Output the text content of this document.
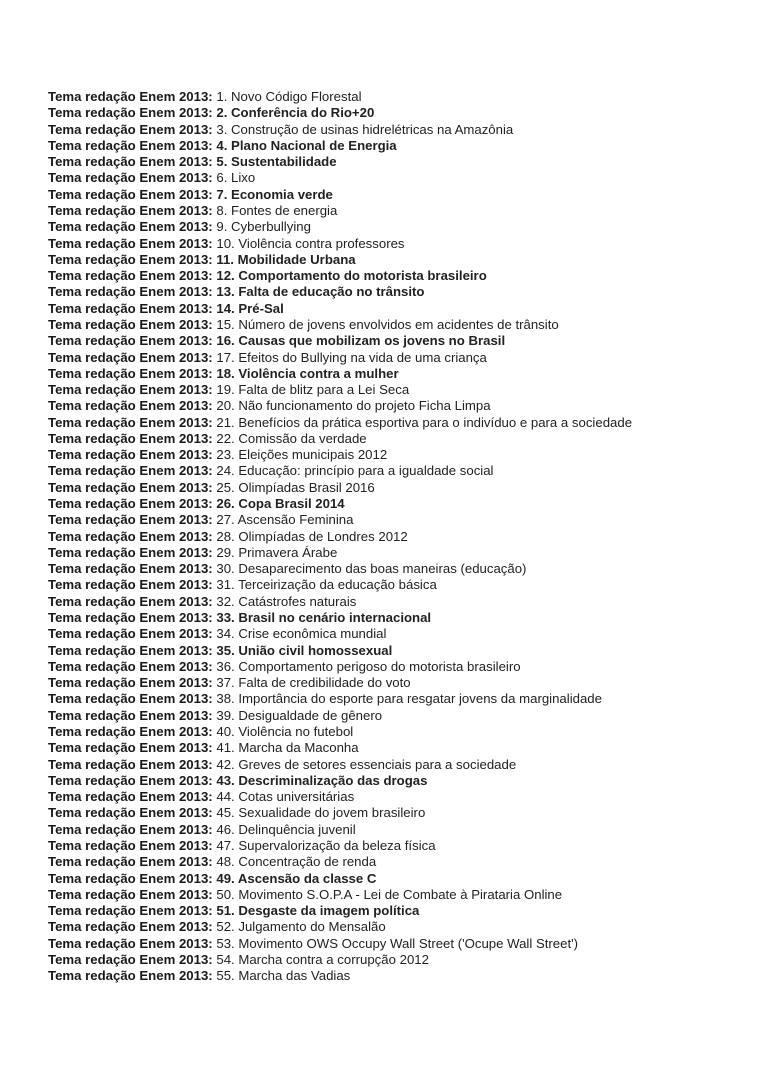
Tema redação Enem 2013: 1. Novo Código Florestal
Tema redação Enem 2013: 2. Conferência do Rio+20
Tema redação Enem 2013: 3. Construção de usinas hidrelétricas na Amazônia
Tema redação Enem 2013: 4. Plano Nacional de Energia
Tema redação Enem 2013: 5. Sustentabilidade
Tema redação Enem 2013: 6. Lixo
Tema redação Enem 2013: 7. Economia verde
Tema redação Enem 2013: 8. Fontes de energia
Tema redação Enem 2013: 9. Cyberbullying
Tema redação Enem 2013: 10. Violência contra professores
Tema redação Enem 2013: 11. Mobilidade Urbana
Tema redação Enem 2013: 12. Comportamento do motorista brasileiro
Tema redação Enem 2013: 13. Falta de educação no trânsito
Tema redação Enem 2013: 14. Pré-Sal
Tema redação Enem 2013: 15. Número de jovens envolvidos em acidentes de trânsito
Tema redação Enem 2013: 16. Causas que mobilizam os jovens no Brasil
Tema redação Enem 2013: 17. Efeitos do Bullying na vida de uma criança
Tema redação Enem 2013: 18. Violência contra a mulher
Tema redação Enem 2013: 19. Falta de blitz para a Lei Seca
Tema redação Enem 2013: 20. Não funcionamento do projeto Ficha Limpa
Tema redação Enem 2013: 21. Benefícios da prática esportiva para o indivíduo e para a sociedade
Tema redação Enem 2013: 22. Comissão da verdade
Tema redação Enem 2013: 23. Eleições municipais 2012
Tema redação Enem 2013: 24. Educação: princípio para a igualdade social
Tema redação Enem 2013: 25. Olimpíadas Brasil 2016
Tema redação Enem 2013: 26. Copa Brasil 2014
Tema redação Enem 2013: 27. Ascensão Feminina
Tema redação Enem 2013: 28. Olimpíadas de Londres 2012
Tema redação Enem 2013: 29. Primavera Árabe
Tema redação Enem 2013: 30. Desaparecimento das boas maneiras (educação)
Tema redação Enem 2013: 31. Terceirização da educação básica
Tema redação Enem 2013: 32. Catástrofes naturais
Tema redação Enem 2013: 33. Brasil no cenário internacional
Tema redação Enem 2013: 34. Crise econômica mundial
Tema redação Enem 2013: 35. União civil homossexual
Tema redação Enem 2013: 36. Comportamento perigoso do motorista brasileiro
Tema redação Enem 2013: 37. Falta de credibilidade do voto
Tema redação Enem 2013: 38. Importância do esporte para resgatar jovens da marginalidade
Tema redação Enem 2013: 39. Desigualdade de gênero
Tema redação Enem 2013: 40. Violência no futebol
Tema redação Enem 2013: 41. Marcha da Maconha
Tema redação Enem 2013: 42. Greves de setores essenciais para a sociedade
Tema redação Enem 2013: 43. Descriminalização das drogas
Tema redação Enem 2013: 44. Cotas universitárias
Tema redação Enem 2013: 45. Sexualidade do jovem brasileiro
Tema redação Enem 2013: 46. Delinquência juvenil
Tema redação Enem 2013: 47. Supervalorização da beleza física
Tema redação Enem 2013: 48. Concentração de renda
Tema redação Enem 2013: 49. Ascensão da classe C
Tema redação Enem 2013: 50. Movimento S.O.P.A - Lei de Combate à Pirataria Online
Tema redação Enem 2013: 51. Desgaste da imagem política
Tema redação Enem 2013: 52. Julgamento do Mensalão
Tema redação Enem 2013: 53. Movimento OWS Occupy Wall Street ('Ocupe Wall Street')
Tema redação Enem 2013: 54. Marcha contra a corrupção 2012
Tema redação Enem 2013: 55. Marcha das Vadias
